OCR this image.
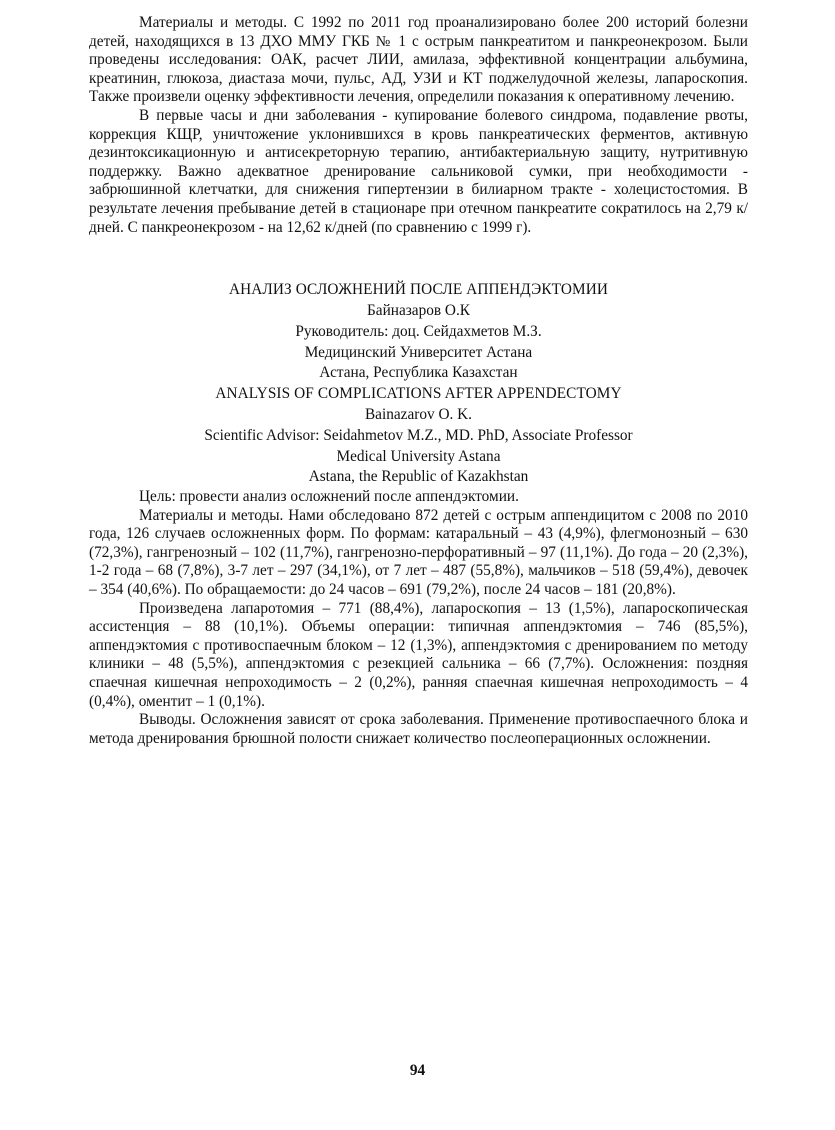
Материалы и методы. С 1992 по 2011 год проанализировано более 200 историй болезни детей, находящихся в 13 ДХО ММУ ГКБ № 1 с острым панкреатитом и панкреонекрозом. Были проведены исследования: ОАК, расчет ЛИИ, амилаза, эффективной концентрации альбумина, креатинин, глюкоза, диастаза мочи, пульс, АД, УЗИ и КТ поджелудочной железы, лапароскопия. Также произвели оценку эффективности лечения, определили показания к оперативному лечению.

В первые часы и дни заболевания - купирование болевого синдрома, подавление рвоты, коррекция КЩР, уничтожение уклонившихся в кровь панкреатических ферментов, активную дезинтоксикационную и антисекреторную терапию, антибактериальную защиту, нутритивную поддержку. Важно адекватное дренирование сальниковой сумки, при необходимости - забрюшинной клетчатки, для снижения гипертензии в билиарном тракте - холецистостомия. В результате лечения пребывание детей в стационаре при отечном панкреатите сократилось на 2,79 к/дней. С панкреонекрозом - на 12,62 к/дней (по сравнению с 1999 г).

АНАЛИЗ ОСЛОЖНЕНИЙ ПОСЛЕ АППЕНДЭКТОМИИ

Байназаров О.К

Руководитель: доц. Сейдахметов М.З.

Медицинский Университет Астана

Астана, Республика Казахстан

ANALYSIS OF COMPLICATIONS AFTER APPENDECTOMY

Bainazarov O. K.

Scientific Advisor: Seidahmetov M.Z., MD. PhD, Associate Professor

Medical University Astana

Astana, the Republic of Kazakhstan

Цель: провести анализ осложнений после аппендэктомии.

Материалы и методы. Нами обследовано 872 детей с острым аппендицитом с 2008 по 2010 года, 126 случаев осложненных форм. По формам: катаральный – 43 (4,9%), флегмонозный – 630 (72,3%), гангренозный – 102 (11,7%), гангренозно-перфоративный – 97 (11,1%). До года – 20 (2,3%), 1-2 года – 68 (7,8%), 3-7 лет – 297 (34,1%), от 7 лет – 487 (55,8%), мальчиков – 518 (59,4%), девочек – 354 (40,6%). По обращаемости: до 24 часов – 691 (79,2%), после 24 часов – 181 (20,8%).

Произведена лапаротомия – 771 (88,4%), лапароскопия – 13 (1,5%), лапароскопическая ассистенция – 88 (10,1%). Объемы операции: типичная аппендэктомия – 746 (85,5%), аппендэктомия с противоспаечным блоком – 12 (1,3%), аппендэктомия с дренированием по методу клиники – 48 (5,5%), аппендэктомия с резекцией сальника – 66 (7,7%). Осложнения: поздняя спаечная кишечная непроходимость – 2 (0,2%), ранняя спаечная кишечная непроходимость – 4 (0,4%), оментит – 1 (0,1%).

Выводы. Осложнения зависят от срока заболевания. Применение противоспаечного блока и метода дренирования брюшной полости снижает количество послеоперационных осложнении.

94
